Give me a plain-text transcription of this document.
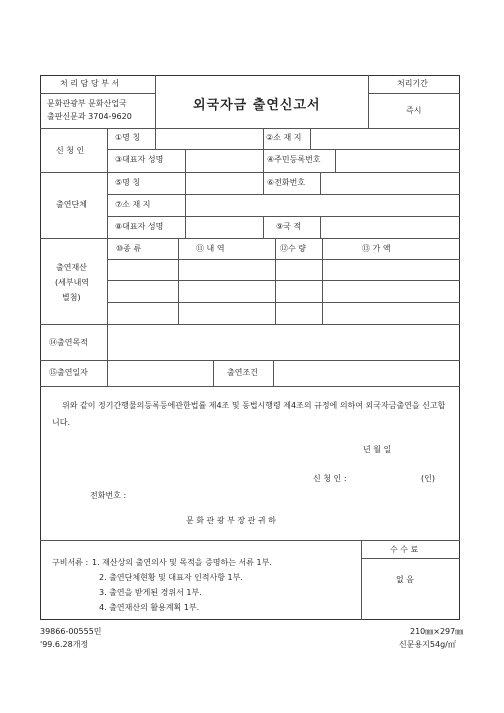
처 리 담 당 부 서
문화관광부 문화산업국
출판신문과 3704-9620
외국자금 출연신고서
처리기간
즉시
신 청 인
①명 칭	②소 재 지
③대표자 성명	④주민등록번호
출연단체
⑤명 칭	⑥전화번호
⑦소 재 지
⑧대표자 성명	⑨국 적
출연재산
(세부내역
별첨)
⑩종 류	⑪ 내 역	⑫수 량	⑬ 가 액
⑭출연목적
⑮출연일자	출연조건
위와 같이 정기간행물의등록등에관한법률 제4조 및 동법시행령 제4조의 규정에 의하여 외국자금출연을 신고합니다.
년 월 일
신 청 인 :	(인)
전화번호 :
문 화 관 광 부 장 관 귀 하
구비서류 : 1. 재산상의 출연의사 및 목적을 증명하는 서류 1부.
2. 출연단체현황 및 대표자 인적사항 1부.
3. 출연을 받게된 경위서 1부.
4. 출연재산의 활용계획 1부.
수 수 료
없 음
39866-00555민
'99.6.28개정
210㎜×297㎜
신문용지54g/㎡
